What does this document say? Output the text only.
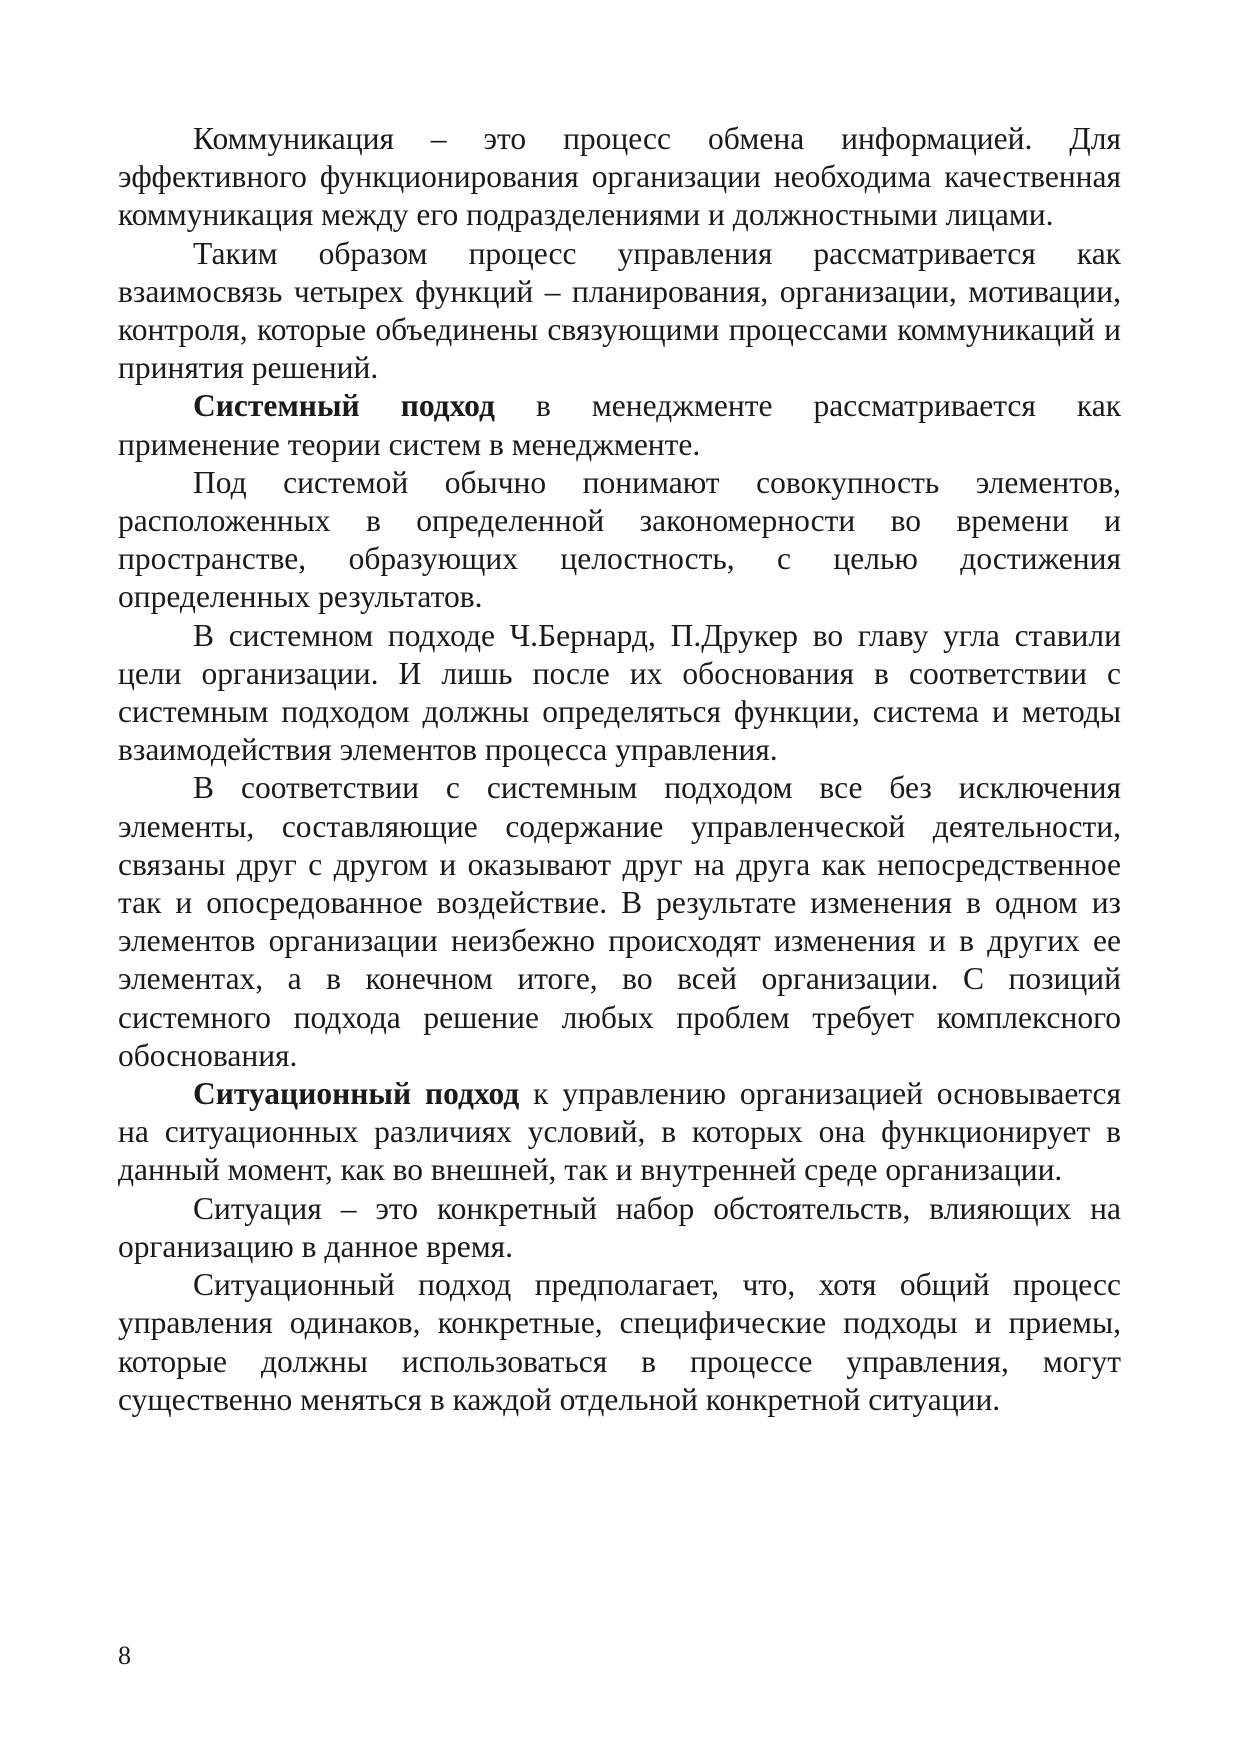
Коммуникация – это процесс обмена информацией. Для эффективного функционирования организации необходима качественная коммуникация между его подразделениями и должностными лицами.

Таким образом процесс управления рассматривается как взаимосвязь четырех функций – планирования, организации, мотивации, контроля, которые объединены связующими процессами коммуникаций и принятия решений.

Системный подход в менеджменте рассматривается как применение теории систем в менеджменте.

Под системой обычно понимают совокупность элементов, расположенных в определенной закономерности во времени и пространстве, образующих целостность, с целью достижения определенных результатов.

В системном подходе Ч.Бернард, П.Друкер во главу угла ставили цели организации. И лишь после их обоснования в соответствии с системным подходом должны определяться функции, система и методы взаимодействия элементов процесса управления.

В соответствии с системным подходом все без исключения элементы, составляющие содержание управленческой деятельности, связаны друг с другом и оказывают друг на друга как непосредственное так и опосредованное воздействие. В результате изменения в одном из элементов организации неизбежно происходят изменения и в других ее элементах, а в конечном итоге, во всей организации. С позиций системного подхода решение любых проблем требует комплексного обоснования.

Ситуационный подход к управлению организацией основывается на ситуационных различиях условий, в которых она функционирует в данный момент, как во внешней, так и внутренней среде организации.

Ситуация – это конкретный набор обстоятельств, влияющих на организацию в данное время.

Ситуационный подход предполагает, что, хотя общий процесс управления одинаков, конкретные, специфические подходы и приемы, которые должны использоваться в процессе управления, могут существенно меняться в каждой отдельной конкретной ситуации.

8
